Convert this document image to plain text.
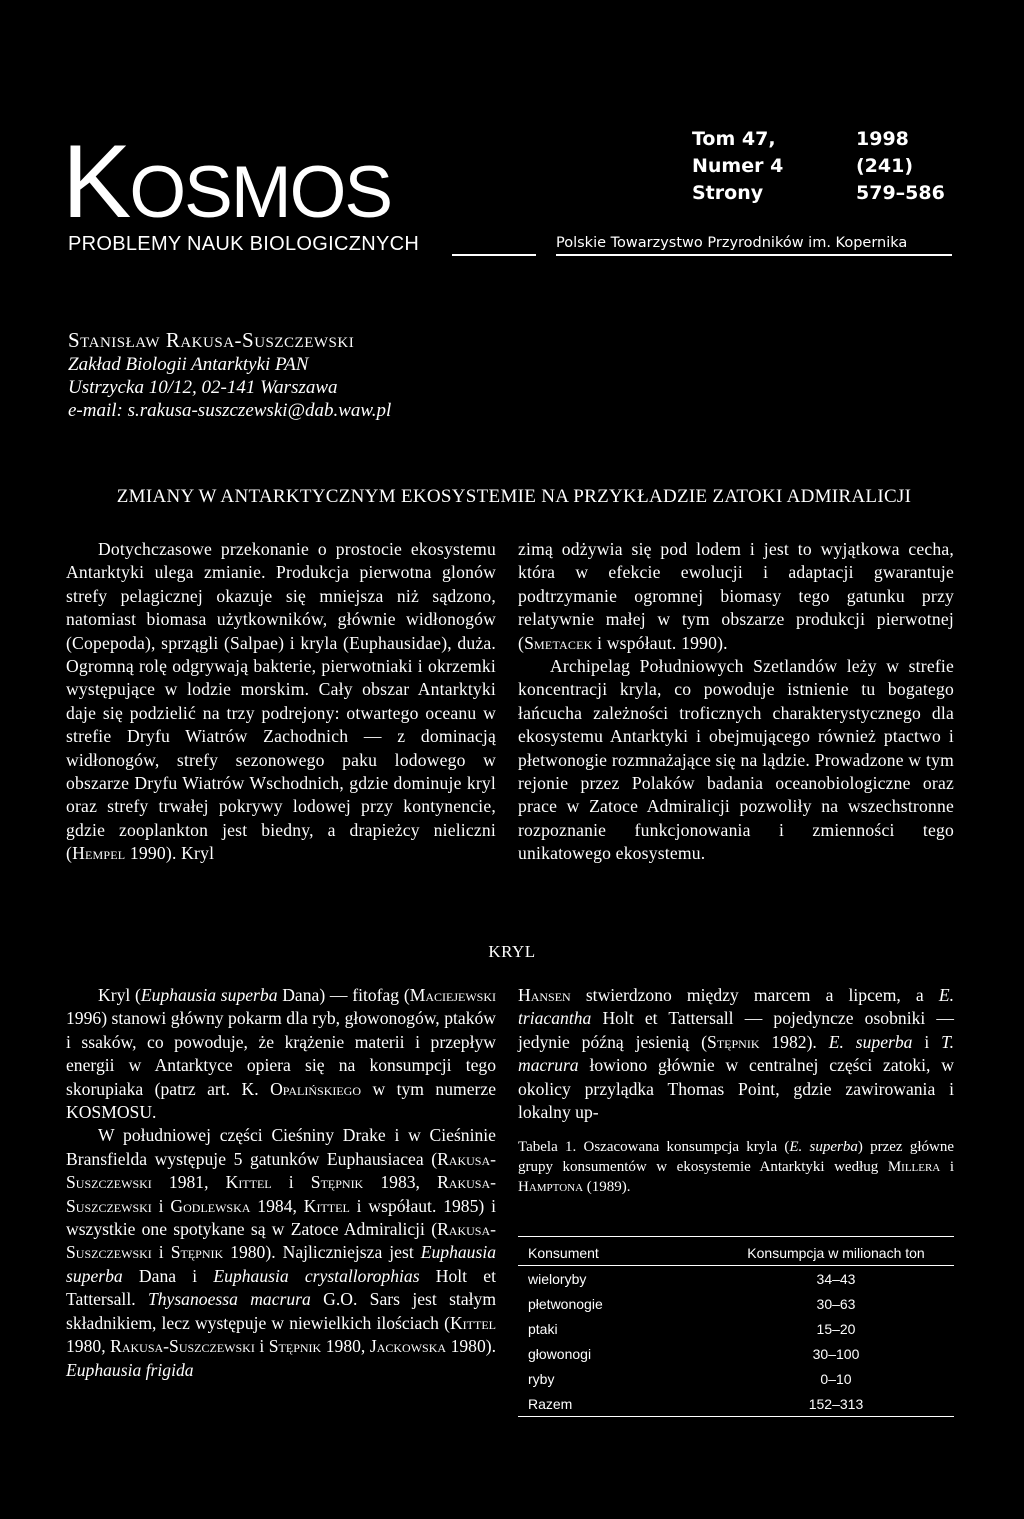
Kosmos
PROBLEMY NAUK BIOLOGICZNYCH
Tom 47,	1998
Numer 4	(241)
Strony	579–586
Polskie Towarzystwo Przyrodników im. Kopernika
Stanisław Rakusa-Suszczewski
Zakład Biologii Antarktyki PAN
Ustrzycka 10/12, 02-141 Warszawa
e-mail: s.rakusa-suszczewski@dab.waw.pl
ZMIANY W ANTARKTYCZNYM EKOSYSTEMIE NA PRZYKŁADZIE ZATOKI ADMIRALICJI

Dotychczasowe przekonanie o prostocie ekosystemu Antarktyki ulega zmianie. Produkcja pierwotna glonów strefy pelagicznej okazuje się mniejsza niż sądzono, natomiast biomasa użytkowników, głównie widłonogów (Copepoda), sprzągli (Salpae) i kryla (Euphausidae), duża. Ogromną rolę odgrywają bakterie, pierwotniaki i okrzemki występujące w lodzie morskim. Cały obszar Antarktyki daje się podzielić na trzy podrejony: otwartego oceanu w strefie Dryfu Wiatrów Zachodnich — z dominacją widłonogów, strefy sezonowego paku lodowego w obszarze Dryfu Wiatrów Wschodnich, gdzie dominuje kryl oraz strefy trwałej pokrywy lodowej przy kontynencie, gdzie zooplankton jest biedny, a drapieżcy nieliczni (Hempel 1990). Kryl

zimą odżywia się pod lodem i jest to wyjątkowa cecha, która w efekcie ewolucji i adaptacji gwarantuje podtrzymanie ogromnej biomasy tego gatunku przy relatywnie małej w tym obszarze produkcji pierwotnej (Smetacek i współaut. 1990).

Archipelag Południowych Szetlandów leży w strefie koncentracji kryla, co powoduje istnienie tu bogatego łańcucha zależności troficznych charakterystycznego dla ekosystemu Antarktyki i obejmującego również ptactwo i płetwonogie rozmnażające się na lądzie. Prowadzone w tym rejonie przez Polaków badania oceanobiologiczne oraz prace w Zatoce Admiralicji pozwoliły na wszechstronne rozpoznanie funkcjonowania i zmienności tego unikatowego ekosystemu.

KRYL

Kryl (Euphausia superba Dana) — fitofag (Maciejewski 1996) stanowi główny pokarm dla ryb, głowonogów, ptaków i ssaków, co powoduje, że krążenie materii i przepływ energii w Antarktyce opiera się na konsumpcji tego skorupiaka (patrz art. K. Opalińskiego w tym numerze KOSMOSU.

W południowej części Cieśniny Drake i w Cieśninie Bransfielda występuje 5 gatunków Euphausiacea (Rakusa-Suszczewski 1981, Kittel i Stępnik 1983, Rakusa-Suszczewski i Godlewska 1984, Kittel i współaut. 1985) i wszystkie one spotykane są w Zatoce Admiralicji (Rakusa-Suszczewski i Stępnik 1980). Najliczniejsza jest Euphausia superba Dana i Euphausia crystallorophias Holt et Tattersall. Thysanoessa macrura G.O. Sars jest stałym składnikiem, lecz występuje w niewielkich ilościach (Kittel 1980, Rakusa-Suszczewski i Stępnik 1980, Jackowska 1980). Euphausia frigida

Hansen stwierdzono między marcem a lipcem, a E. triacantha Holt et Tattersall — pojedyncze osobniki — jedynie późną jesienią (Stępnik 1982). E. superba i T. macrura łowiono głównie w centralnej części zatoki, w okolicy przylądka Thomas Point, gdzie zawirowania i lokalny up-

Tabela 1. Oszacowana konsumpcja kryla (E. superba) przez główne grupy konsumentów w ekosystemie Antarktyki według Millera i Hamptona (1989).
Konsument	Konsumpcja w milionach ton
wieloryby	34–43
płetwonogie	30–63
ptaki	15–20
głowonogi	30–100
ryby	0–10
Razem	152–313
